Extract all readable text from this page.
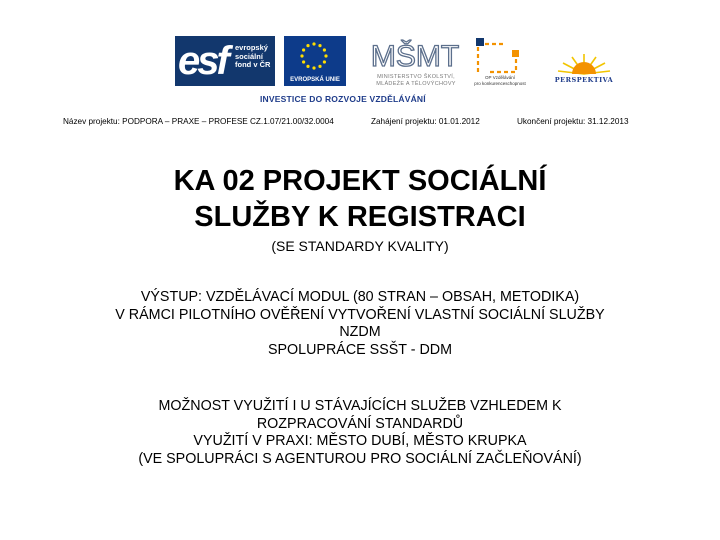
esf evropský
sociální
fond v ČR
EVROPSKÁ UNIE
MŠMT
MINISTERSTVO ŠKOLSTVÍ,
MLÁDEŽE A TĚLOVÝCHOVY
OP Vzdělávání
pro konkurenceschopnost	PERSPEKTIVA
INVESTICE DO ROZVOJE VZDĚLÁVÁNÍ
Název projektu: PODPORA – PRAXE – PROFESE CZ.1.07/21.00/32.0004	Zahájení projektu: 01.01.2012	Ukončení projektu: 31.12.2013
KA 02 PROJEKT SOCIÁLNÍ
SLUŽBY K REGISTRACI
(SE STANDARDY KVALITY)
VÝSTUP: VZDĚLÁVACÍ MODUL (80 STRAN – OBSAH, METODIKA)
V RÁMCI PILOTNÍHO OVĚŘENÍ VYTVOŘENÍ VLASTNÍ SOCIÁLNÍ SLUŽBY
NZDM
SPOLUPRÁCE SSŠT - DDM
MOŽNOST VYUŽITÍ I U STÁVAJÍCÍCH SLUŽEB VZHLEDEM K
ROZPRACOVÁNÍ STANDARDŮ
VYUŽITÍ V PRAXI: MĚSTO DUBÍ, MĚSTO KRUPKA
(VE SPOLUPRÁCI S AGENTUROU PRO SOCIÁLNÍ ZAČLEŇOVÁNÍ)
